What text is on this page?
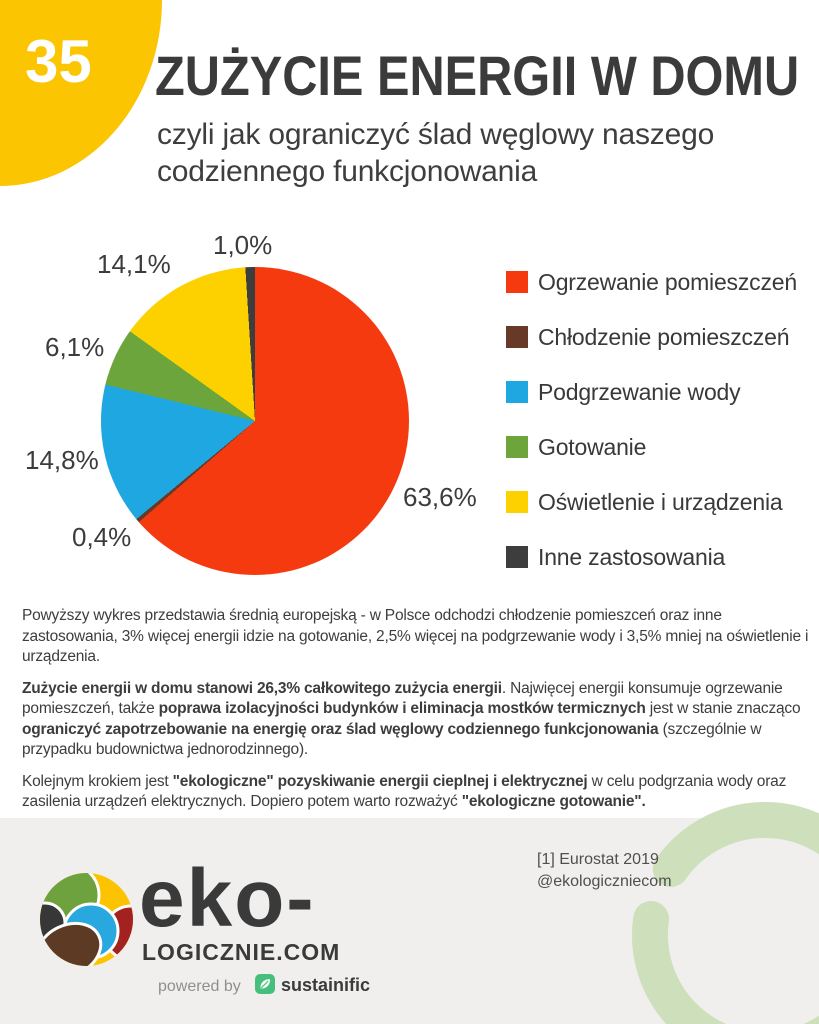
35 ZUŻYCIE ENERGII W DOMU
czyli jak ograniczyć ślad węglowy naszego codziennego funkcjonowania
63,6%
0,4%
14,8%
6,1%
14,1%
1,0%
Ogrzewanie pomieszczeń
Chłodzenie pomieszczeń
Podgrzewanie wody
Gotowanie
Oświetlenie i urządzenia
Inne zastosowania

Powyższy wykres przedstawia średnią europejską - w Polsce odchodzi chłodzenie pomieszceń oraz inne zastosowania, 3% więcej energii idzie na gotowanie, 2,5% więcej na podgrzewanie wody i 3,5% mniej na oświetlenie i urządzenia.

Zużycie energii w domu stanowi 26,3% całkowitego zużycia energii. Najwięcej energii konsumuje ogrzewanie pomieszczeń, także poprawa izolacyjności budynków i eliminacja mostków termicznych jest w stanie znacząco ograniczyć zapotrzebowanie na energię oraz ślad węglowy codziennego funkcjonowania (szczególnie w przypadku budownictwa jednorodzinnego).

Kolejnym krokiem jest "ekologiczne" pozyskiwanie energii cieplnej i elektrycznej w celu podgrzania wody oraz zasilenia urządzeń elektrycznych. Dopiero potem warto rozważyć "ekologiczne gotowanie".

eko-
LOGICZNIE.COM
powered by sustainific
[1] Eurostat 2019
@ekologiczniecom
